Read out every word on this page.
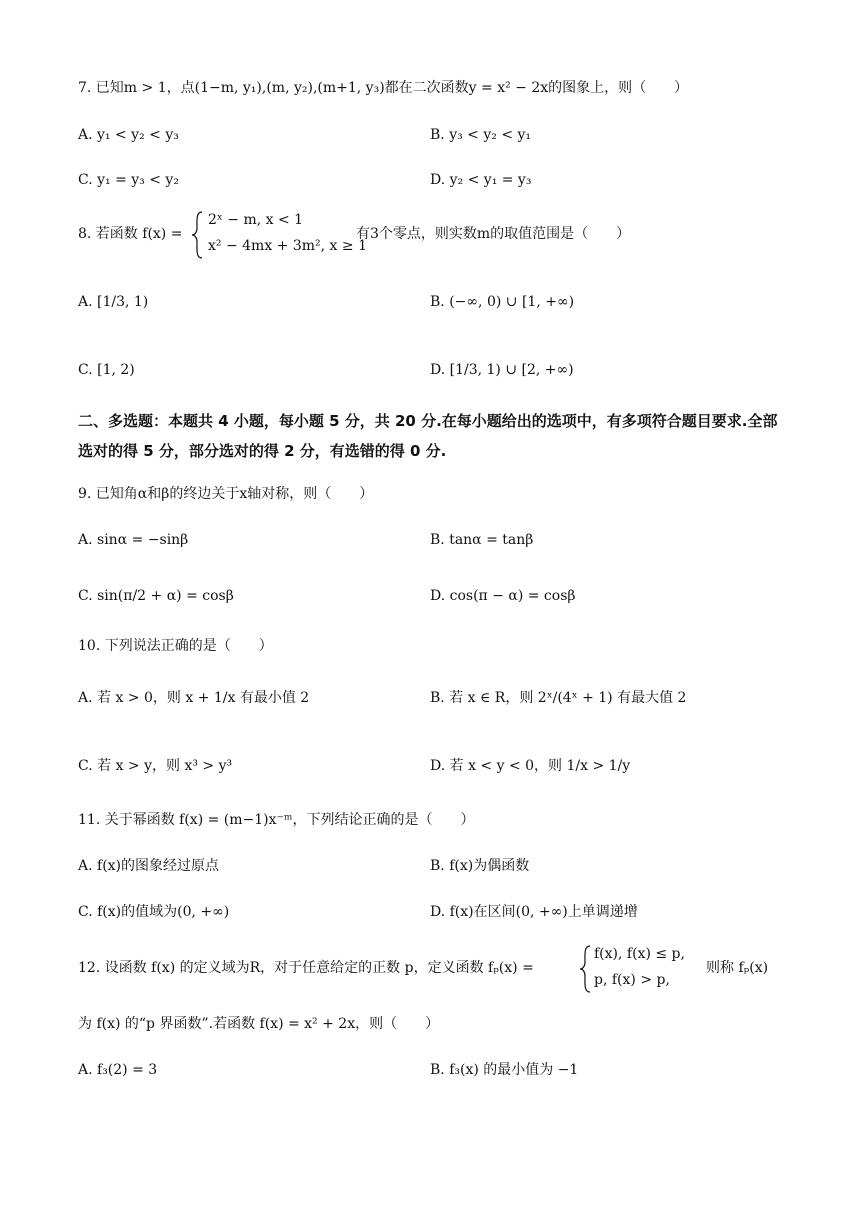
7. 已知m > 1，点(1−m, y₁),(m, y₂),(m+1, y₃)都在二次函数y = x² − 2x的图象上，则（　　）
A. y₁ < y₂ < y₃	B. y₃ < y₂ < y₁
C. y₁ = y₃ < y₂	D. y₂ < y₁ = y₃
8. 若函数 f(x) =
2ˣ − m, x < 1
x² − 4mx + 3m², x ≥ 1
有3个零点，则实数m的取值范围是（　　）
A. [1/3, 1)	B. (−∞, 0) ∪ [1, +∞)
C. [1, 2)	D. [1/3, 1) ∪ [2, +∞)
二、多选题：本题共 4 小题，每小题 5 分，共 20 分.在每小题给出的选项中，有多项符合题目要求.全部选对的得 5 分，部分选对的得 2 分，有选错的得 0 分.
9. 已知角α和β的终边关于x轴对称，则（　　）
A. sinα = −sinβ	B. tanα = tanβ
C. sin(π/2 + α) = cosβ	D. cos(π − α) = cosβ
10. 下列说法正确的是（　　）
A. 若 x > 0，则 x + 1/x 有最小值 2	B. 若 x ∈ R，则 2ˣ/(4ˣ + 1) 有最大值 2
C. 若 x > y，则 x³ > y³	D. 若 x < y < 0，则 1/x > 1/y
11. 关于幂函数 f(x) = (m−1)x⁻ᵐ，下列结论正确的是（　　）
A. f(x)的图象经过原点	B. f(x)为偶函数
C. f(x)的值域为(0, +∞)	D. f(x)在区间(0, +∞)上单调递增
12. 设函数 f(x) 的定义域为R，对于任意给定的正数 p，定义函数 fₚ(x) =
f(x), f(x) ≤ p,
p, f(x) > p,
则称 fₚ(x)
为 f(x) 的“p 界函数”.若函数 f(x) = x² + 2x，则（　　）
A. f₃(2) = 3	B. f₃(x) 的最小值为 −1
